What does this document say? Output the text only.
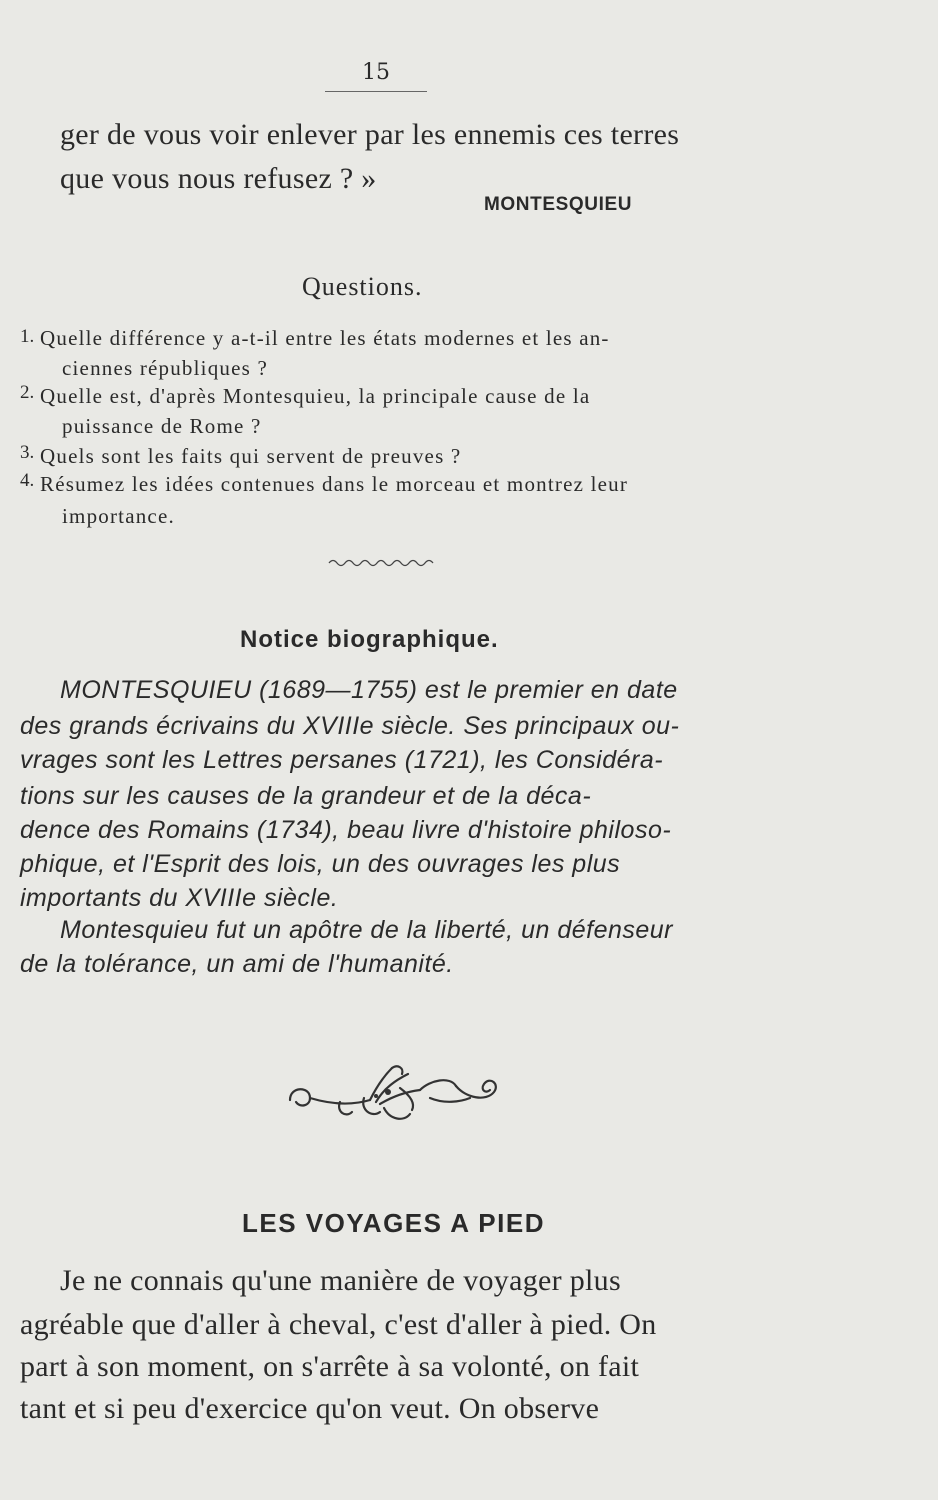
15
ger de vous voir enlever par les ennemis ces terres
que vous nous refusez ? »
MONTESQUIEU
Questions.
1. Quelle différence y a-t-il entre les états modernes et les an-
ciennes républiques ?
2. Quelle est, d'après Montesquieu, la principale cause de la
puissance de Rome ?
3. Quels sont les faits qui servent de preuves ?
4. Résumez les idées contenues dans le morceau et montrez leur
importance.
Notice biographique.
MONTESQUIEU (1689—1755) est le premier en date
des grands écrivains du XVIIIe siècle. Ses principaux ou-
vrages sont les Lettres persanes (1721), les Considéra-
tions sur les causes de la grandeur et de la déca-
dence des Romains (1734), beau livre d'histoire philoso-
phique, et l'Esprit des lois, un des ouvrages les plus
importants du XVIIIe siècle.
Montesquieu fut un apôtre de la liberté, un défenseur
de la tolérance, un ami de l'humanité.
LES VOYAGES A PIED
Je ne connais qu'une manière de voyager plus
agréable que d'aller à cheval, c'est d'aller à pied. On
part à son moment, on s'arrête à sa volonté, on fait
tant et si peu d'exercice qu'on veut. On observe
